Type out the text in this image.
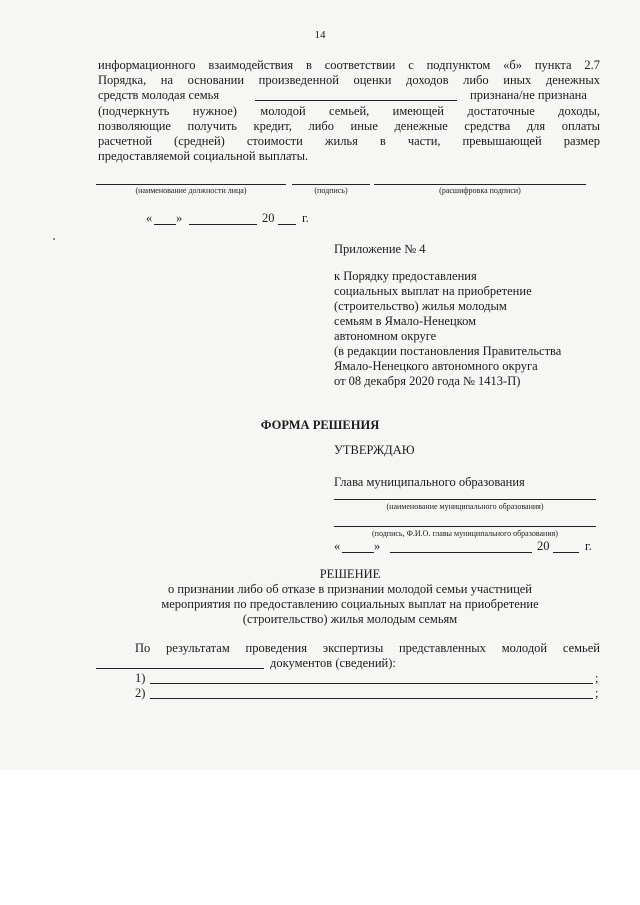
14
информационного взаимодействия в соответствии с подпунктом «б» пункта 2.7
Порядка, на основании произведенной оценки доходов либо иных денежных
средств молодая семья	признана/не признана
(подчеркнуть нужное) молодой семьей, имеющей достаточные доходы,
позволяющие получить кредит, либо иные денежные средства для оплаты
расчетной (средней) стоимости жилья в части, превышающей размер
предоставляемой социальной выплаты.
(наименование должности лица)	(подпись)	(расшифровка подписи)
« »	20 г.
Приложение № 4
к Порядку предоставления
социальных выплат на приобретение
(строительство) жилья молодым
семьям в Ямало-Ненецком
автономном округе
(в редакции постановления Правительства
Ямало-Ненецкого автономного округа
от 08 декабря 2020 года № 1413-П)
ФОРМА РЕШЕНИЯ
УТВЕРЖДАЮ
Глава муниципального образования
(наименование муниципального образования)
(подпись, Ф.И.О. главы муниципального образования)
«	»	20	г.
РЕШЕНИЕ
о признании либо об отказе в признании молодой семьи участницей
мероприятия по предоставлению социальных выплат на приобретение
(строительство) жилья молодым семьям
По результатам проведения экспертизы представленных молодой семьей
документов (сведений):
1)	;
2)	;
